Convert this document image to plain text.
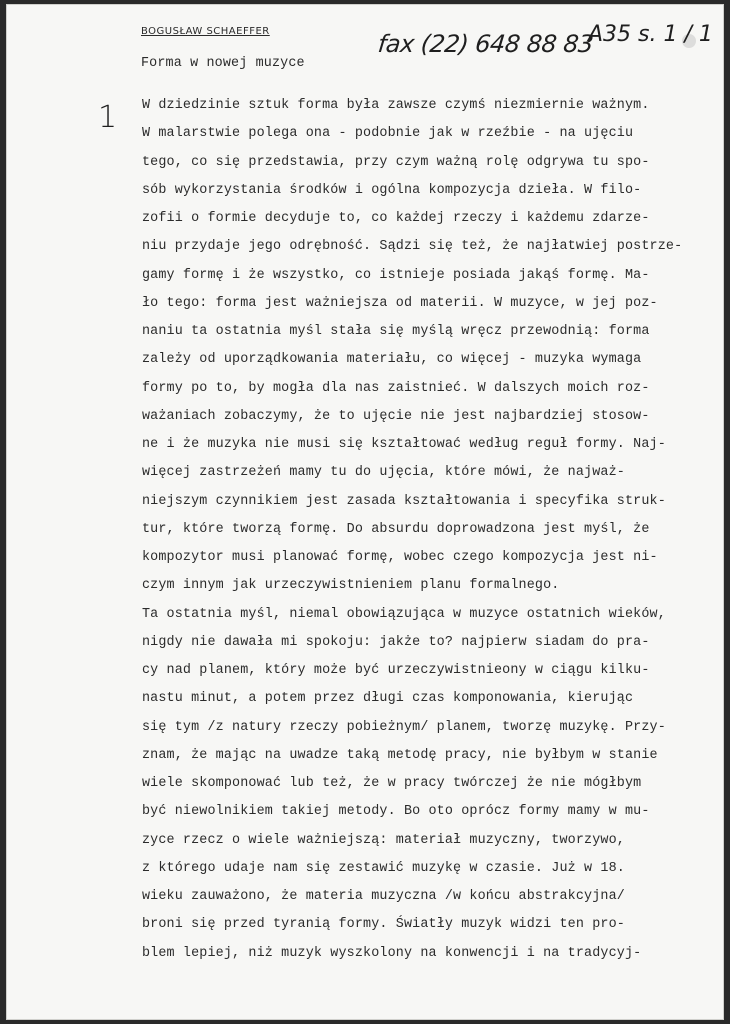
BOGUSŁAW SCHAEFFER
Forma w nowej muzyce
fax (22) 648 88 83
A35 s. 1 / 1
1 W dziedzinie sztuk forma była zawsze czymś niezmiernie ważnym.
W malarstwie polega ona - podobnie jak w rzeźbie - na ujęciu
tego, co się przedstawia, przy czym ważną rolę odgrywa tu spo-
sób wykorzystania środków i ogólna kompozycja dzieła. W filo-
zofii o formie decyduje to, co każdej rzeczy i każdemu zdarze-
niu przydaje jego odrębność. Sądzi się też, że najłatwiej postrze-
gamy formę i że wszystko, co istnieje posiada jakąś formę. Ma-
ło tego: forma jest ważniejsza od materii. W muzyce, w jej poz-
naniu ta ostatnia myśl stała się myślą wręcz przewodnią: forma
zależy od uporządkowania materiału, co więcej - muzyka wymaga
formy po to, by mogła dla nas zaistnieć. W dalszych moich roz-
ważaniach zobaczymy, że to ujęcie nie jest najbardziej stosow-
ne i że muzyka nie musi się kształtować według reguł formy. Naj-
więcej zastrzeżeń mamy tu do ujęcia, które mówi, że najważ-
niejszym czynnikiem jest zasada kształtowania i specyfika struk-
tur, które tworzą formę. Do absurdu doprowadzona jest myśl, że
kompozytor musi planować formę, wobec czego kompozycja jest ni-
czym innym jak urzeczywistnieniem planu formalnego.
Ta ostatnia myśl, niemal obowiązująca w muzyce ostatnich wieków,
nigdy nie dawała mi spokoju: jakże to? najpierw siadam do pra-
cy nad planem, który może być urzeczywistnieony w ciągu kilku-
nastu minut, a potem przez długi czas komponowania, kierując
się tym /z natury rzeczy pobieżnym/ planem, tworzę muzykę. Przy-
znam, że mając na uwadze taką metodę pracy, nie byłbym w stanie
wiele skomponować lub też, że w pracy twórczej że nie mógłbym
być niewolnikiem takiej metody. Bo oto oprócz formy mamy w mu-
zyce rzecz o wiele ważniejszą: materiał muzyczny, tworzywo,
z którego udaje nam się zestawić muzykę w czasie. Już w 18.
wieku zauważono, że materia muzyczna /w końcu abstrakcyjna/
broni się przed tyranią formy. Światły muzyk widzi ten pro-
blem lepiej, niż muzyk wyszkolony na konwencji i na tradycyj-
